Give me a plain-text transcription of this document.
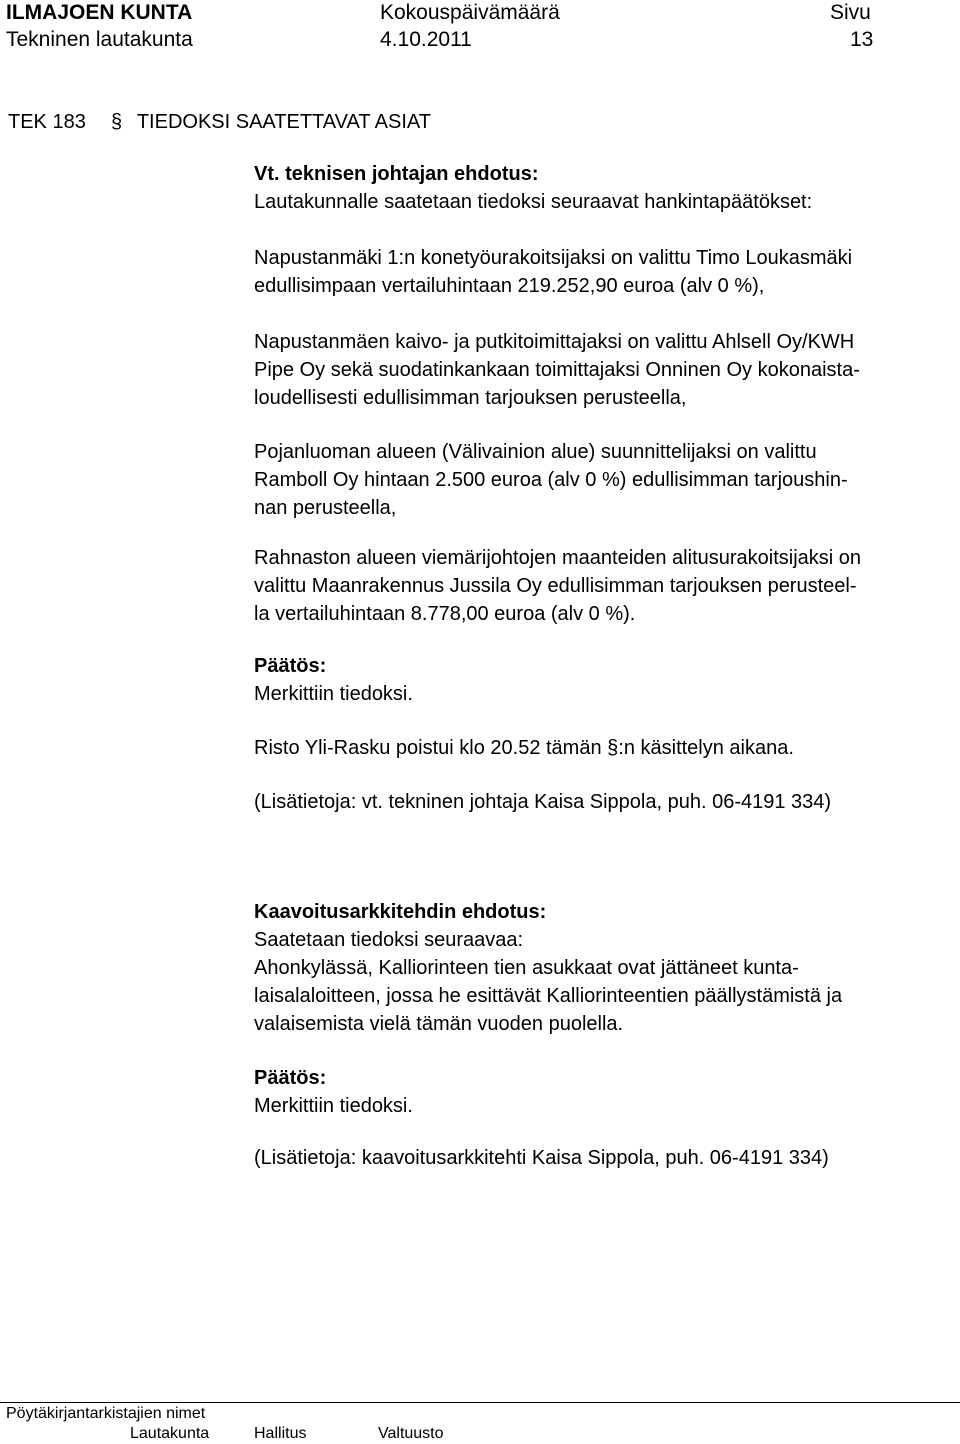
ILMAJOEN KUNTA
Tekninen lautakunta
Kokouspäivämäärä
4.10.2011
Sivu
13
TEK 183 § TIEDOKSI SAATETTAVAT ASIAT
Vt. teknisen johtajan ehdotus:
Lautakunnalle saatetaan tiedoksi seuraavat hankintapäätökset:
Napustanmäki 1:n konetyöurakoitsijaksi on valittu Timo Loukasmäki
edullisimpaan vertailuhintaan 219.252,90 euroa (alv 0 %),
Napustanmäen kaivo- ja putkitoimittajaksi on valittu Ahlsell Oy/KWH
Pipe Oy sekä suodatinkankaan toimittajaksi Onninen Oy kokonaista-
loudellisesti edullisimman tarjouksen perusteella,
Pojanluoman alueen (Välivainion alue) suunnittelijaksi on valittu
Ramboll Oy hintaan 2.500 euroa (alv 0 %) edullisimman tarjoushin-
nan perusteella,
Rahnaston alueen viemärijohtojen maanteiden alitusurakoitsijaksi on
valittu Maanrakennus Jussila Oy edullisimman tarjouksen perusteel-
la vertailuhintaan 8.778,00 euroa (alv 0 %).
Päätös:
Merkittiin tiedoksi.
Risto Yli-Rasku poistui klo 20.52 tämän §:n käsittelyn aikana.
(Lisätietoja: vt. tekninen johtaja Kaisa Sippola, puh. 06-4191 334)
Kaavoitusarkkitehdin ehdotus:
Saatetaan tiedoksi seuraavaa:
Ahonkylässä, Kalliorinteen tien asukkaat ovat jättäneet kunta-
laisalaloitteen, jossa he esittävät Kalliorinteentien päällystämistä ja
valaisemista vielä tämän vuoden puolella.
Päätös:
Merkittiin tiedoksi.
(Lisätietoja: kaavoitusarkkitehti Kaisa Sippola, puh. 06-4191 334)
Pöytäkirjantarkistajien nimet
Lautakunta	Hallitus	Valtuusto
